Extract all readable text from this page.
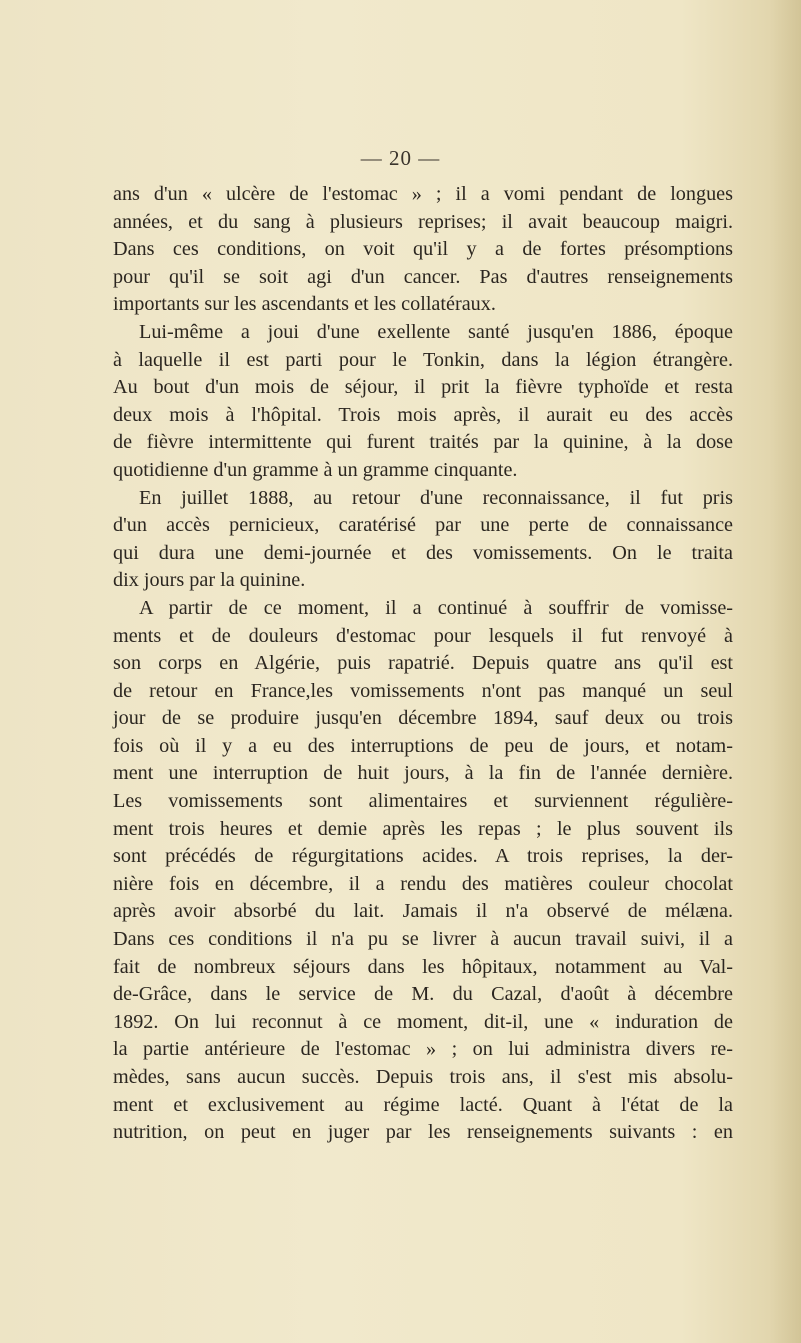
— 20 —
ans d'un « ulcère de l'estomac » ; il a vomi pendant de longues
années, et du sang à plusieurs reprises; il avait beaucoup maigri.
Dans ces conditions, on voit qu'il y a de fortes présomptions
pour qu'il se soit agi d'un cancer. Pas d'autres renseignements
importants sur les ascendants et les collatéraux.
Lui-même a joui d'une exellente santé jusqu'en 1886, époque
à laquelle il est parti pour le Tonkin, dans la légion étrangère.
Au bout d'un mois de séjour, il prit la fièvre typhoïde et resta
deux mois à l'hôpital. Trois mois après, il aurait eu des accès
de fièvre intermittente qui furent traités par la quinine, à la dose
quotidienne d'un gramme à un gramme cinquante.
En juillet 1888, au retour d'une reconnaissance, il fut pris
d'un accès pernicieux, caratérisé par une perte de connaissance
qui dura une demi-journée et des vomissements. On le traita
dix jours par la quinine.
A partir de ce moment, il a continué à souffrir de vomisse-
ments et de douleurs d'estomac pour lesquels il fut renvoyé à
son corps en Algérie, puis rapatrié. Depuis quatre ans qu'il est
de retour en France,les vomissements n'ont pas manqué un seul
jour de se produire jusqu'en décembre 1894, sauf deux ou trois
fois où il y a eu des interruptions de peu de jours, et notam-
ment une interruption de huit jours, à la fin de l'année dernière.
Les vomissements sont alimentaires et surviennent régulière-
ment trois heures et demie après les repas ; le plus souvent ils
sont précédés de régurgitations acides. A trois reprises, la der-
nière fois en décembre, il a rendu des matières couleur chocolat
après avoir absorbé du lait. Jamais il n'a observé de mélæna.
Dans ces conditions il n'a pu se livrer à aucun travail suivi, il a
fait de nombreux séjours dans les hôpitaux, notamment au Val-
de-Grâce, dans le service de M. du Cazal, d'août à décembre
1892. On lui reconnut à ce moment, dit-il, une « induration de
la partie antérieure de l'estomac » ; on lui administra divers re-
mèdes, sans aucun succès. Depuis trois ans, il s'est mis absolu-
ment et exclusivement au régime lacté. Quant à l'état de la
nutrition, on peut en juger par les renseignements suivants : en
